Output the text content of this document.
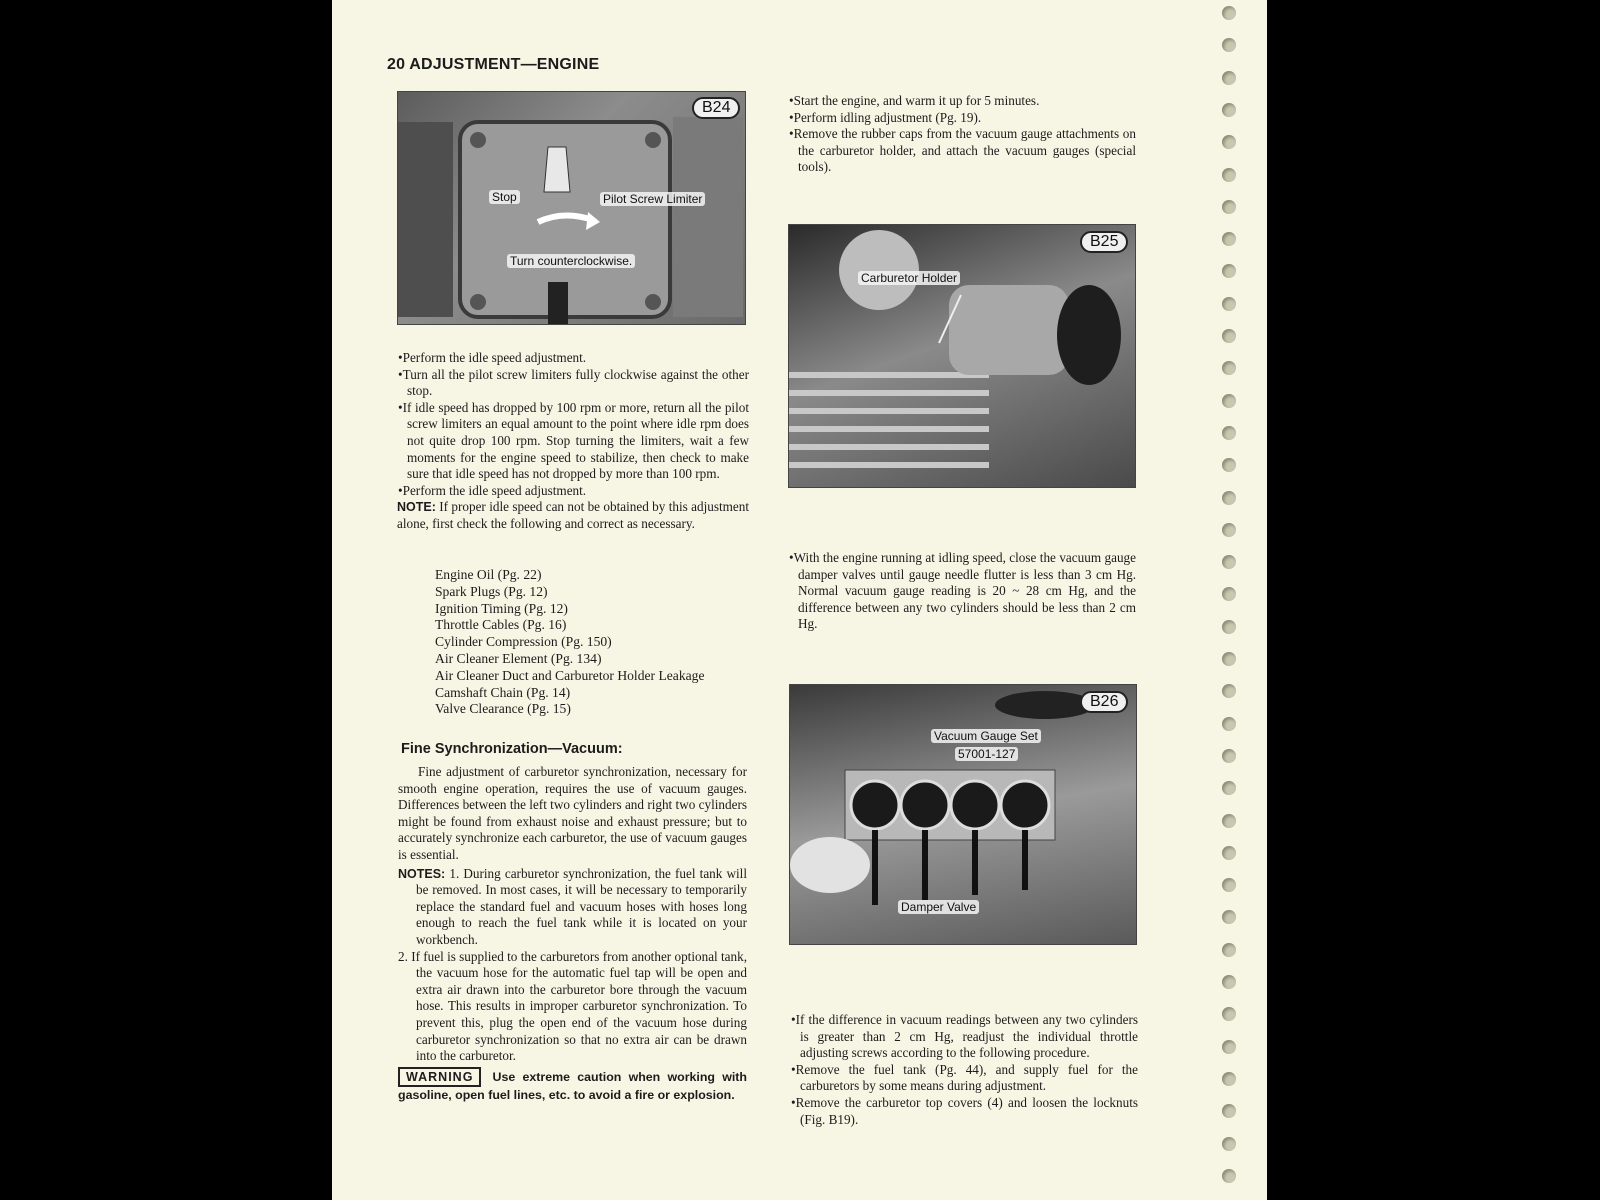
20 ADJUSTMENT—ENGINE
B24
Stop	Pilot Screw Limiter
Turn counterclockwise.

•Perform the idle speed adjustment.

•Turn all the pilot screw limiters fully clockwise against the other stop.

•If idle speed has dropped by 100 rpm or more, return all the pilot screw limiters an equal amount to the point where idle rpm does not quite drop 100 rpm. Stop turning the limiters, wait a few moments for the engine speed to stabilize, then check to make sure that idle speed has not dropped by more than 100 rpm.

•Perform the idle speed adjustment.

NOTE: If proper idle speed can not be obtained by this adjustment alone, first check the following and correct as necessary.

Engine Oil (Pg. 22)
Spark Plugs (Pg. 12)
Ignition Timing (Pg. 12)
Throttle Cables (Pg. 16)
Cylinder Compression (Pg. 150)
Air Cleaner Element (Pg. 134)
Air Cleaner Duct and Carburetor Holder Leakage
Camshaft Chain (Pg. 14)
Valve Clearance (Pg. 15)
Fine Synchronization—Vacuum:

Fine adjustment of carburetor synchronization, necessary for smooth engine operation, requires the use of vacuum gauges. Differences between the left two cylinders and right two cylinders might be found from exhaust noise and exhaust pressure; but to accurately synchronize each carburetor, the use of vacuum gauges is essential.

NOTES: 1. During carburetor synchronization, the fuel tank will be removed. In most cases, it will be necessary to temporarily replace the standard fuel and vacuum hoses with hoses long enough to reach the fuel tank while it is located on your workbench.

2. If fuel is supplied to the carburetors from another optional tank, the vacuum hose for the automatic fuel tap will be open and extra air drawn into the carburetor bore through the vacuum hose. This results in improper carburetor synchronization. To prevent this, plug the open end of the vacuum hose during carburetor synchronization so that no extra air can be drawn into the carburetor.

WARNING Use extreme caution when working with gasoline, open fuel lines, etc. to avoid a fire or explosion.

•Start the engine, and warm it up for 5 minutes.

•Perform idling adjustment (Pg. 19).

•Remove the rubber caps from the vacuum gauge attachments on the carburetor holder, and attach the vacuum gauges (special tools).

B25
Carburetor Holder

•With the engine running at idling speed, close the vacuum gauge damper valves until gauge needle flutter is less than 3 cm Hg. Normal vacuum gauge reading is 20 ~ 28 cm Hg, and the difference between any two cylinders should be less than 2 cm Hg.

B26
Vacuum Gauge Set
57001-127
Damper Valve

•If the difference in vacuum readings between any two cylinders is greater than 2 cm Hg, readjust the individual throttle adjusting screws according to the following procedure.

•Remove the fuel tank (Pg. 44), and supply fuel for the carburetors by some means during adjustment.

•Remove the carburetor top covers (4) and loosen the locknuts (Fig. B19).
